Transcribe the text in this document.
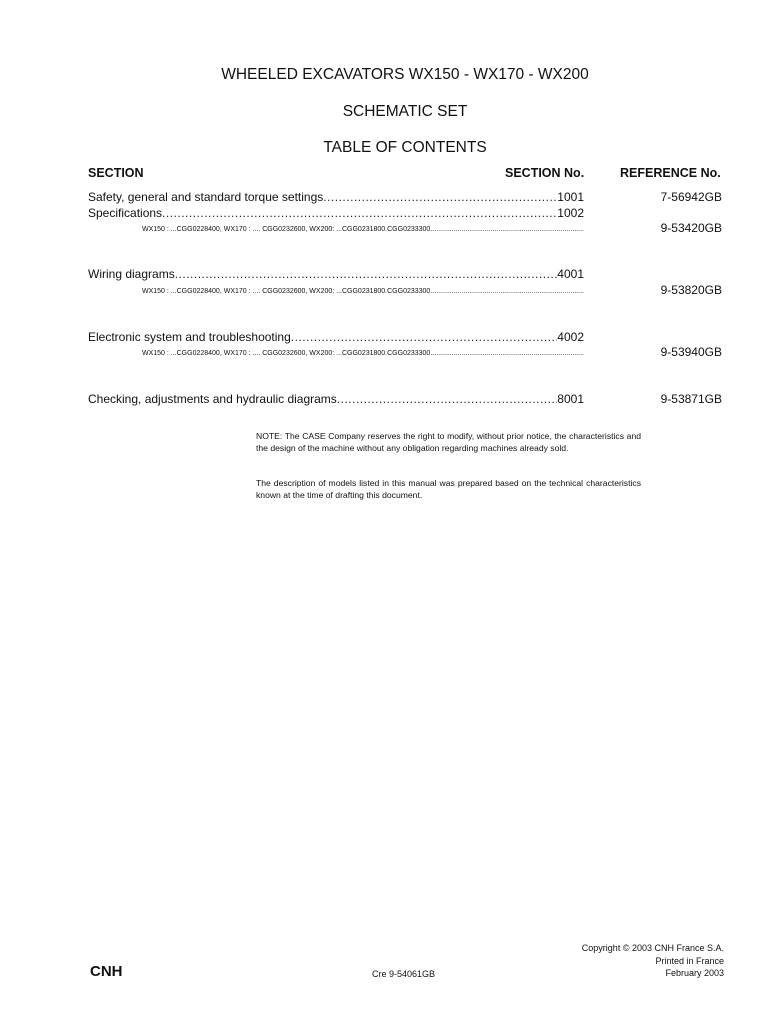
WHEELED EXCAVATORS WX150 - WX170 - WX200
SCHEMATIC SET
TABLE OF CONTENTS
SECTION	SECTION No.	REFERENCE No.
Safety, general and standard torque settings .....	1001	7-56942GB
Specifications .....	1002
WX150 : ...CGG0228400, WX170 : .... CGG0232600, WX200: ...CGG0231800.CGG0233300. .....	9-53420GB
Wiring diagrams .....	4001
WX150 : ...CGG0228400, WX170 : .... CGG0232600, WX200: ...CGG0231800.CGG0233300. .....	9-53820GB
Electronic system and troubleshooting .....	4002
WX150 : ...CGG0228400, WX170 : .... CGG0232600, WX200: ...CGG0231800.CGG0233300. .....	9-53940GB
Checking, adjustments and hydraulic diagrams .....	8001	9-53871GB
NOTE: The CASE Company reserves the right to modify, without prior notice, the characteristics and the design of the machine without any obligation regarding machines already sold.
The description of models listed in this manual was prepared based on the technical characteristics known at the time of drafting this document.
Copyright © 2003 CNH France S.A.
Printed in France
February 2003
Cre 9-54061GB
CNH
